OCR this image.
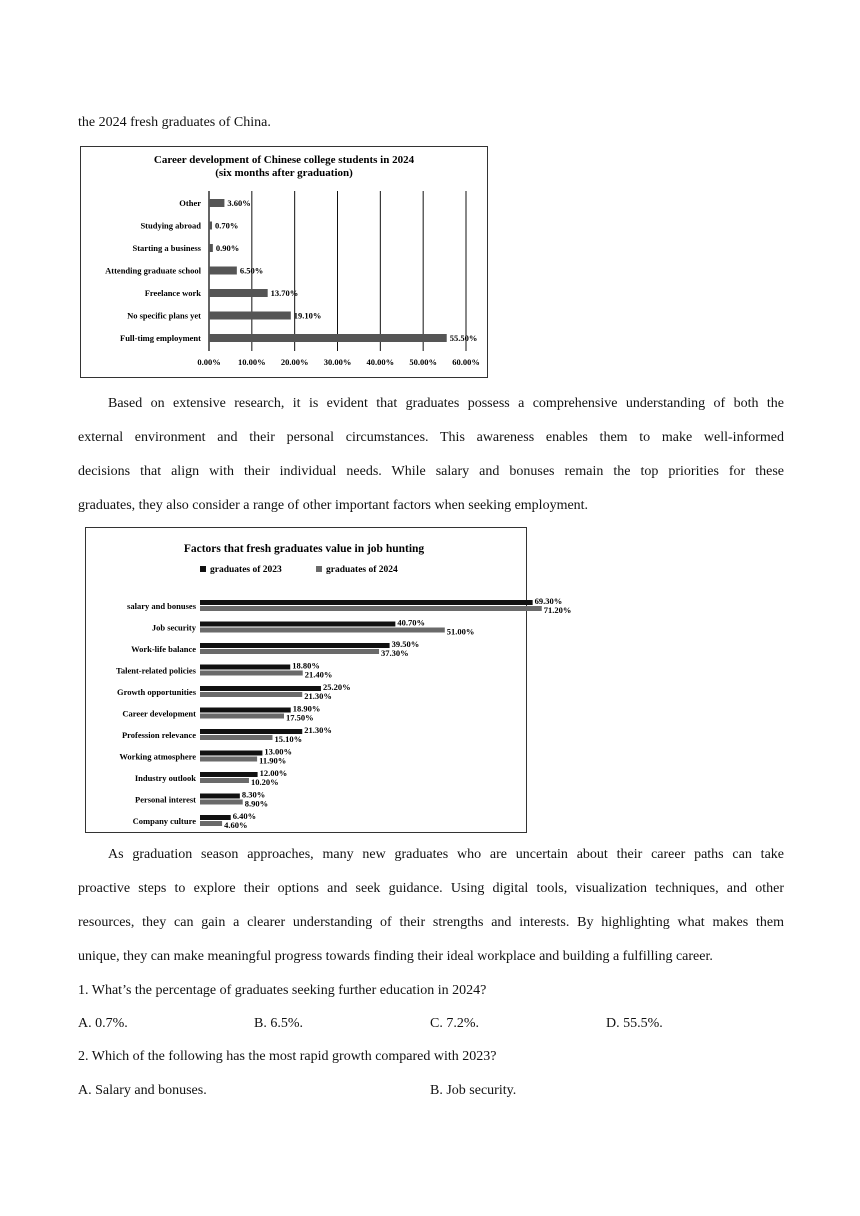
the 2024 fresh graduates of China.

Career development of Chinese college students in 2024
(six months after graduation)
0.00% 10.00% 20.00% 30.00% 40.00% 50.00% 60.00%
Other	3.60%
Studying abroad 0.70%
Starting a business 0.90%
Attending graduate school	6.50%
Freelance work	13.70%
No specific plans yet	19.10%
Full-timg employment	55.50%

Based on extensive research, it is evident that graduates possess a comprehensive understanding of both the

external environment and their personal circumstances. This awareness enables them to make well-informed

decisions that align with their individual needs. While salary and bonuses remain the top priorities for these

graduates, they also consider a range of other important factors when seeking employment.

Factors that fresh graduates value in job hunting
graduates of 2023	graduates of 2024
salary and bonuses	69.30%
71.20%
Job security	40.70%
51.00%
Work-life balance	39.50%
37.30%
Talent-related policies	18.80%
21.40%
Growth opportunities	25.20%
21.30%
Career development	18.90%
17.50%
Profession relevance	21.30%
15.10%
Working atmosphere	13.00%
11.90%
Industry outlook	12.00%
10.20%
Personal interest	8.30%
8.90%
Company culture	6.40%
4.60%

As graduation season approaches, many new graduates who are uncertain about their career paths can take

proactive steps to explore their options and seek guidance. Using digital tools, visualization techniques, and other

resources, they can gain a clearer understanding of their strengths and interests. By highlighting what makes them

unique, they can make meaningful progress towards finding their ideal workplace and building a fulfilling career.

1. What’s the percentage of graduates seeking further education in 2024?

A. 0.7%.	B. 6.5%.	C. 7.2%.	D. 55.5%.

2. Which of the following has the most rapid growth compared with 2023?

A. Salary and bonuses.	B. Job security.
